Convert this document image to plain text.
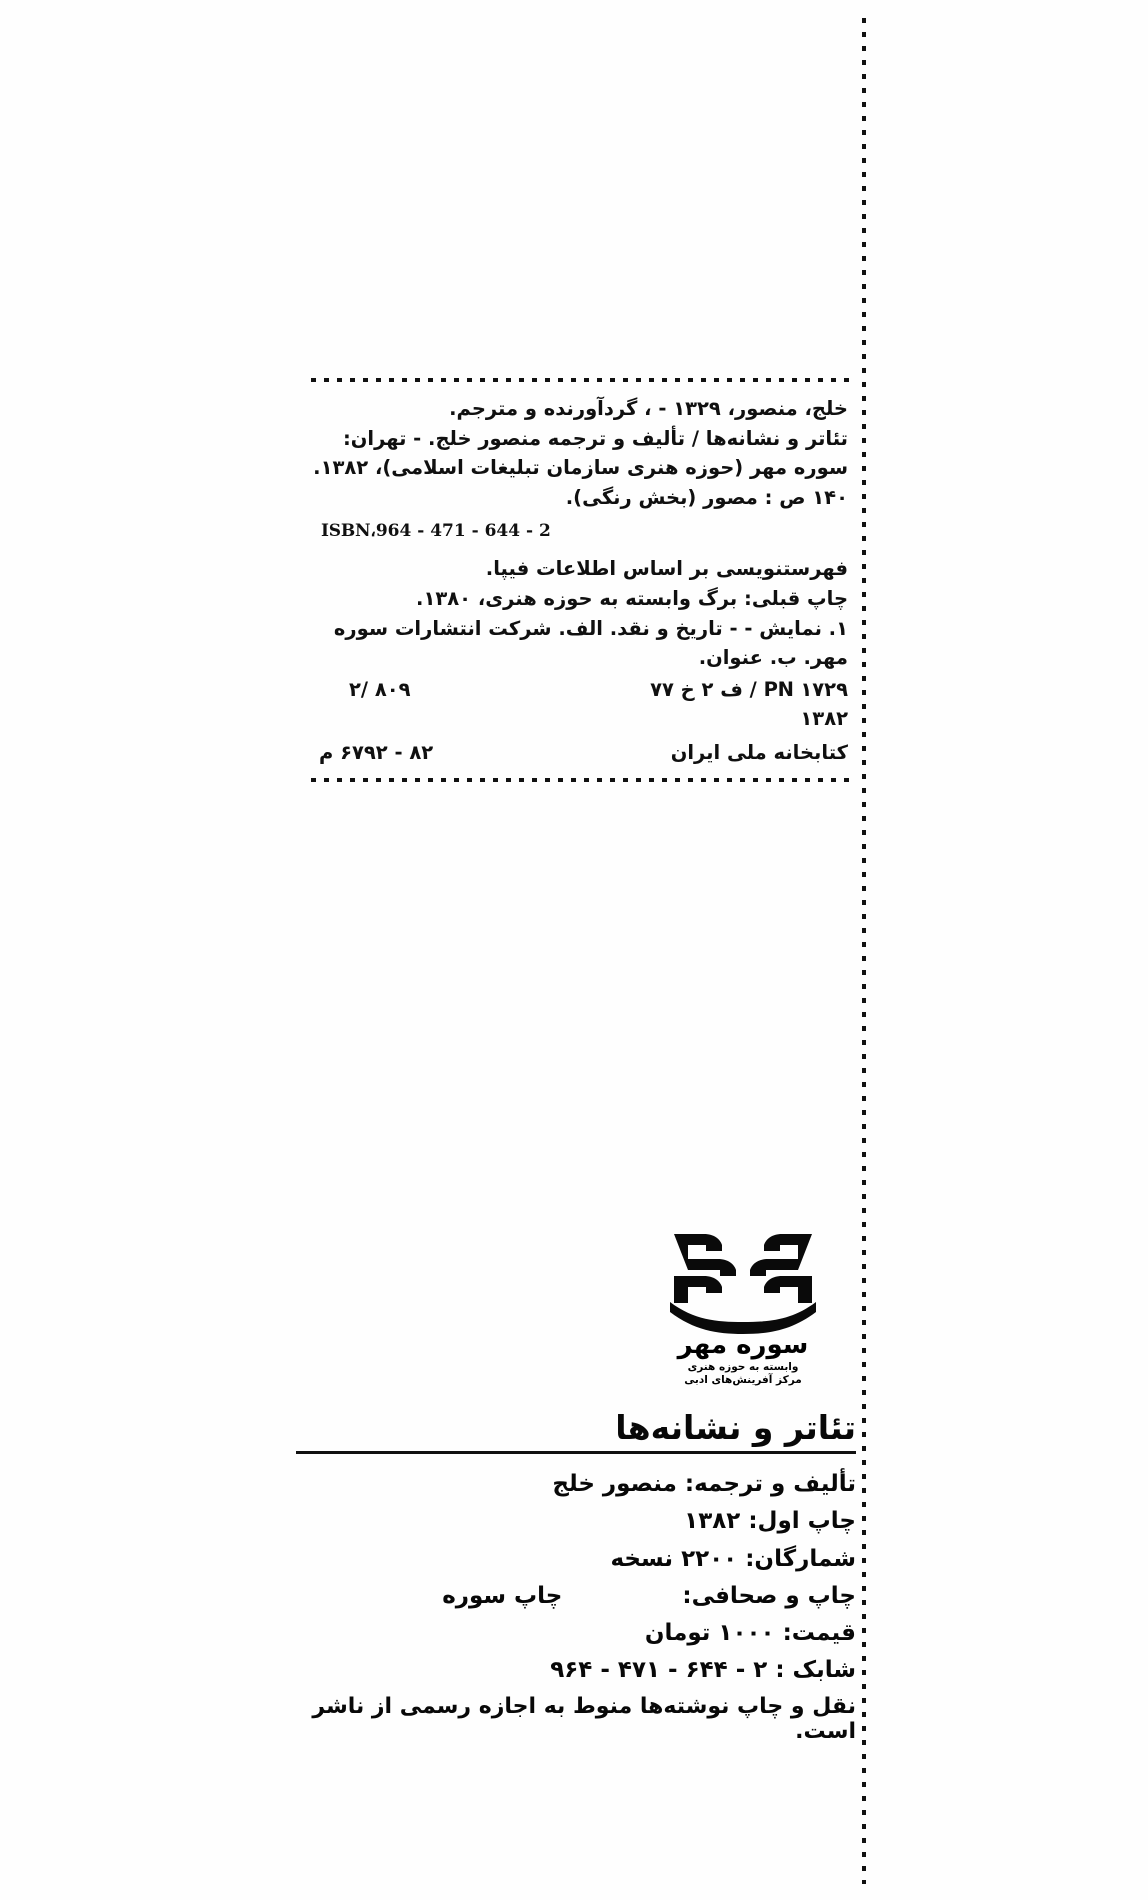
خلج، منصور، ۱۳۲۹ - ، گردآورنده و مترجم.
تئاتر و نشانه‌ها / تألیف و ترجمه منصور خلج. - تهران:
سوره مهر (حوزه هنری سازمان تبلیغات اسلامی)، ۱۳۸۲.
۱۴۰ ص : مصور (بخش رنگی).
ISBN،964 - 471 - 644 - 2
فهرستنویسی بر اساس اطلاعات فیپا.
چاپ قبلی: برگ وابسته به حوزه هنری، ۱۳۸۰.
۱. نمایش - - تاریخ و نقد. الف. شرکت انتشارات سوره
مهر. ب. عنوان.
PN ۱۷۲۹ / ف ۲ خ ۷۷
۱۳۸۲
۸۰۹ /۲
کتابخانه ملی ایران
۸۲ - ۶۷۹۲ م
سوره مهر
وابسته به حوزه هنری
مرکز آفرینش‌های ادبی
تئاتر و نشانه‌ها
تألیف و ترجمه: منصور خلج
چاپ اول: ۱۳۸۲
شمارگان: ۲۲۰۰ نسخه
چاپ و صحافی:
چاپ سوره
قیمت: ۱۰۰۰ تومان
شابک : ۲ - ۶۴۴ - ۴۷۱ - ۹۶۴
نقل و چاپ نوشته‌ها منوط به اجازه رسمی از ناشر است.
